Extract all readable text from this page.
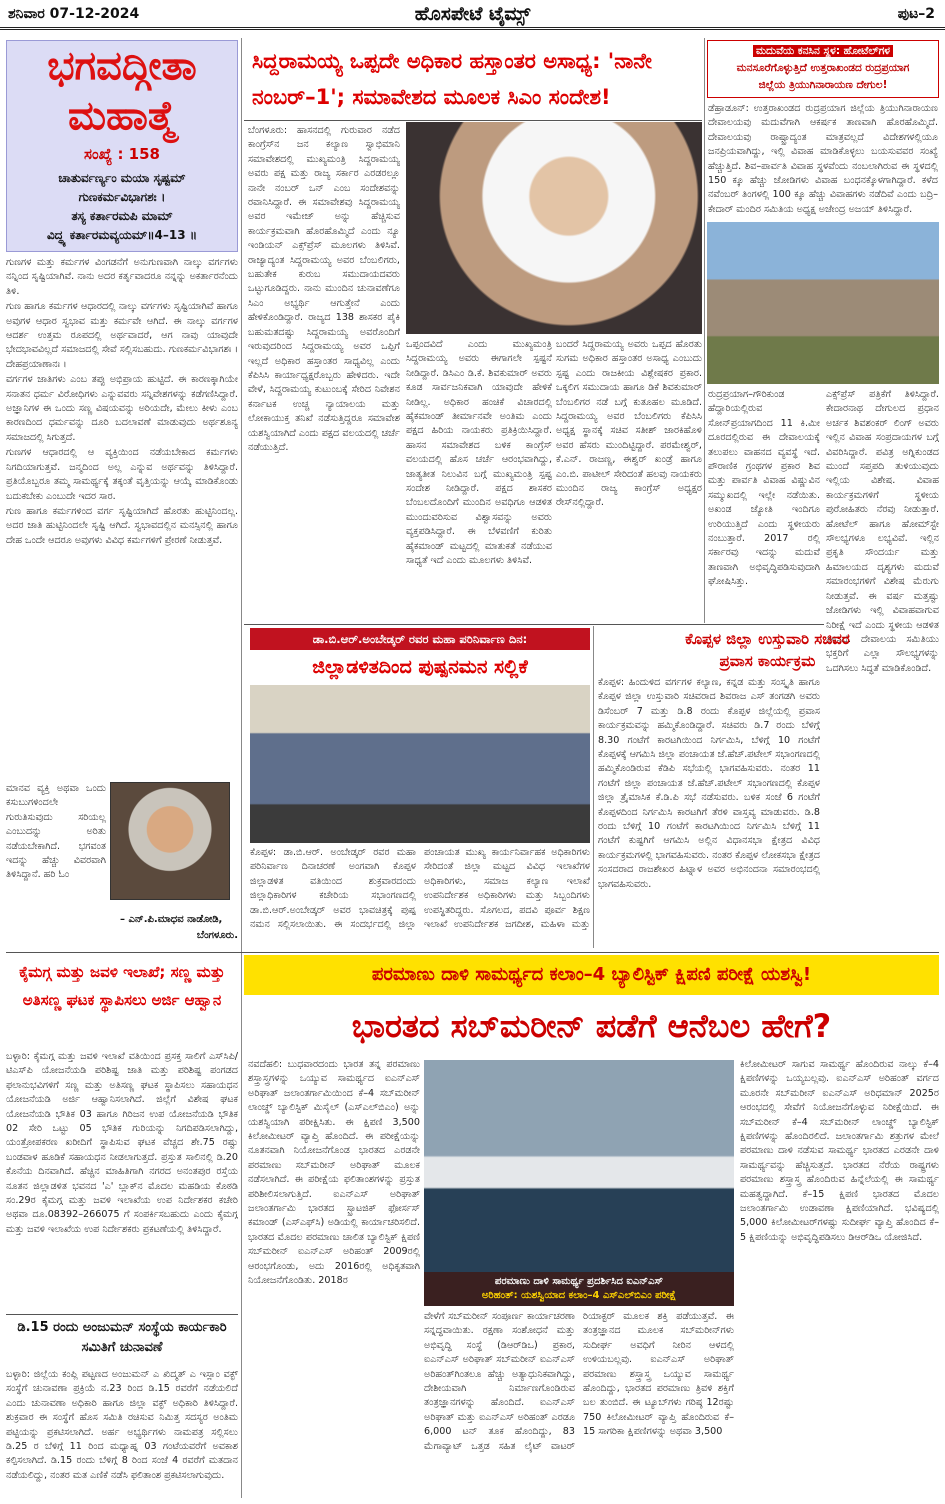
ಶನಿವಾರ 07-12-2024	ಹೊಸಪೇಟೆ ಟೈಮ್ಸ್	ಪುಟ–2
ಭಗವದ್ಗೀತಾ
ಮಹಾತ್ಮೆ
ಸಂಖ್ಯೆ : 158
ಚಾತುರ್ವರ್ಣ್ಯಂ ಮಯಾ ಸೃಷ್ಟಮ್
ಗುಣಕರ್ಮವಿಭಾಗಶಃ ।
ತಸ್ಯ ಕರ್ತಾರಮಪಿ ಮಾಮ್
ವಿದ್ಧ್ಯ ಕರ್ತಾರಮವ್ಯಯಮ್॥4–13 ॥

ಗುಣಗಳ ಮತ್ತು ಕರ್ಮಗಳ ವಿಂಗಡನೆಗೆ ಅನುಗುಣವಾಗಿ ನಾಲ್ಕು ವರ್ಗಗಳು ನನ್ನಿಂದ ಸೃಷ್ಟಿಯಾಗಿವೆ. ನಾನು ಅದರ ಕರ್ತೃವಾದರೂ ನನ್ನನ್ನು ಅಕರ್ತಾರನೆಂದು ತಿಳಿ.

ಗುಣ ಹಾಗೂ ಕರ್ಮಗಳ ಆಧಾರದಲ್ಲಿ ನಾಲ್ಕು ವರ್ಗಗಳು ಸೃಷ್ಟಿಯಾಗಿವೆ ಹಾಗೂ ಅವುಗಳ ಆಧಾರ ಸ್ವಭಾವ ಮತ್ತು ಕರ್ಮವೇ ಆಗಿದೆ. ಈ ನಾಲ್ಕು ವರ್ಗಗಳ ಆದರ್ಶ ಉತ್ತಮ ರೂಪದಲ್ಲಿ ಅರ್ಥವಾದರೆ, ಆಗ ನಾವು ಯಾವುದೇ ಭೇದಭಾವವಿಲ್ಲದೆ ಸಮಾಜದಲ್ಲಿ ಸೇವೆ ಸಲ್ಲಿಸಬಹುದು. ಗುಣಕರ್ಮವಿಭಾಗಶಃ । ದೇಹಪ್ರಯಾಣಾನಃ ।

ವರ್ಗಗಳ ಜಾತಿಗಳು ಎಂಬ ತಪ್ಪು ಅಭಿಪ್ರಾಯ ಹುಟ್ಟಿದೆ. ಈ ಕಾರಣಕ್ಕಾಗಿಯೇ ಸನಾತನ ಧರ್ಮ ವಿರೋಧಿಗಳು ಎನ್ನುವವರು ಸನ್ನಿವೇಶಗಳನ್ನು ಕಡೆಗಣಿಸಿದ್ದಾರೆ. ಅಜ್ಞಾನಿಗಳ ಈ ಒಂದು ಸಣ್ಣ ವಿಷಯವನ್ನು ಅರಿಯದೇ, ಮೇಲು ಕೀಳು ಎಂಬ ಕಾರಣದಿಂದ ಧರ್ಮವನ್ನು ದೂರಿ ಬದಲಾವಣೆ ಮಾಡುವುದು ಅರ್ಥಶೂನ್ಯ ಸಮಾಜದಲ್ಲಿ ಸಿಗುತ್ತದೆ.

ಗುಣಗಳ ಆಧಾರದಲ್ಲಿ ಆ ವ್ಯಕ್ತಿಯಿಂದ ನಡೆಯಬೇಕಾದ ಕರ್ಮಗಳು ನಿಗದಿಯಾಗುತ್ತವೆ. ಜನ್ಮದಿಂದ ಅಲ್ಲ ಎನ್ನುವ ಅರ್ಥವನ್ನು ತಿಳಿಸಿದ್ದಾರೆ. ಪ್ರತಿಯೊಬ್ಬರೂ ತಮ್ಮ ಸಾಮರ್ಥ್ಯಕ್ಕೆ ತಕ್ಕಂತೆ ವೃತ್ತಿಯನ್ನು ಆಯ್ಕೆ ಮಾಡಿಕೊಂಡು ಬದುಕಬೇಕು ಎಂಬುದೇ ಇದರ ಸಾರ.

ಗುಣ ಹಾಗೂ ಕರ್ಮಗಳಿಂದ ವರ್ಗ ಸೃಷ್ಟಿಯಾಗಿದೆ ಹೊರತು ಹುಟ್ಟಿನಿಂದಲ್ಲ. ಅದರ ಜಾತಿ ಹುಟ್ಟಿನಿಂದಲೇ ಸೃಷ್ಟಿ ಆಗಿದೆ. ಸ್ವಭಾವದಲ್ಲಿನ ಮನಸ್ಸಿನಲ್ಲಿ ಹಾಗೂ ದೇಹ ಒಂದೇ ಆದರೂ ಅವುಗಳು ವಿವಿಧ ಕರ್ಮಗಳಿಗೆ ಪ್ರೇರಣೆ ನೀಡುತ್ತವೆ.

ಮಾನವ ವ್ಯಕ್ತಿ ಅಥವಾ ಒಂದು ಕಸುಬುಗಳಿಂದಲೇ ಗುರುತಿಸುವುದು ಸರಿಯಲ್ಲ ಎಂಬುದನ್ನು ಅರಿತು ನಡೆಯಬೇಕಾಗಿದೆ. ಭಗವಂತ ಇದನ್ನು ಹೆಚ್ಚು ವಿವರವಾಗಿ ತಿಳಿಸಿದ್ದಾನೆ. ಹರಿ ಓಂ

– ಎನ್.ಪಿ.ಮಾಧವ ನಾಡೋಡಿ,
ಬೆಂಗಳೂರು.
ಸಿದ್ದರಾಮಯ್ಯ ಒಪ್ಪದೇ ಅಧಿಕಾರ ಹಸ್ತಾಂತರ ಅಸಾಧ್ಯ: 'ನಾನೇ ನಂಬರ್–1'; ಸಮಾವೇಶದ ಮೂಲಕ ಸಿಎಂ ಸಂದೇಶ!
ಬೆಂಗಳೂರು: ಹಾಸನದಲ್ಲಿ ಗುರುವಾರ ನಡೆದ ಕಾಂಗ್ರೆಸ್‌ನ ಜನ ಕಲ್ಯಾಣ ಸ್ವಾಭಿಮಾನಿ ಸಮಾವೇಶದಲ್ಲಿ ಮುಖ್ಯಮಂತ್ರಿ ಸಿದ್ದರಾಮಯ್ಯ ಅವರು ಪಕ್ಷ ಮತ್ತು ರಾಜ್ಯ ಸರ್ಕಾರ ಎರಡರಲ್ಲೂ ನಾನೇ ನಂಬರ್ ಒನ್ ಎಂಬ ಸಂದೇಶವನ್ನು ರವಾನಿಸಿದ್ದಾರೆ. ಈ ಸಮಾವೇಶವು ಸಿದ್ದರಾಮಯ್ಯ ಅವರ ಇಮೇಜ್ ಅನ್ನು ಹೆಚ್ಚಿಸುವ ಕಾರ್ಯಕ್ರಮವಾಗಿ ಹೊರಹೊಮ್ಮಿದೆ ಎಂದು ನ್ಯೂ ಇಂಡಿಯನ್ ಎಕ್ಸ್‌ಪ್ರೆಸ್ ಮೂಲಗಳು ತಿಳಿಸಿವೆ. ರಾಜ್ಯಾದ್ಯಂತ ಸಿದ್ದರಾಮಯ್ಯ ಅವರ ಬೆಂಬಲಿಗರು, ಬಹುತೇಕ ಕುರುಬ ಸಮುದಾಯದವರು ಒಟ್ಟುಗೂಡಿದ್ದರು. ನಾನು ಮುಂದಿನ ಚುನಾವಣೆಗೂ ಸಿಎಂ ಅಭ್ಯರ್ಥಿ ಆಗುತ್ತೇನೆ ಎಂದು ಹೇಳಿಕೊಂಡಿದ್ದಾರೆ. ರಾಜ್ಯದ 138 ಶಾಸಕರ ಪೈಕಿ ಬಹುಮತದಷ್ಟು ಸಿದ್ದರಾಮಯ್ಯ ಅವರೊಂದಿಗೆ ಇರುವುದರಿಂದ ಸಿದ್ದರಾಮಯ್ಯ ಅವರ ಒಪ್ಪಿಗೆ ಇಲ್ಲದೆ ಅಧಿಕಾರ ಹಸ್ತಾಂತರ ಸಾಧ್ಯವಿಲ್ಲ ಎಂದು ಕೆಪಿಸಿಸಿ ಕಾರ್ಯಾಧ್ಯಕ್ಷರೊಬ್ಬರು ಹೇಳಿದರು. ಇದೇ ವೇಳೆ, ಸಿದ್ದರಾಮಯ್ಯ ಕುಟುಂಬಕ್ಕೆ ಸೇರಿದ ನಿವೇಶನ ಕರ್ನಾಟಕ ಉಚ್ಚ ನ್ಯಾಯಾಲಯ ಮತ್ತು ಲೋಕಾಯುಕ್ತ ತನಿಖೆ ನಡೆಸುತ್ತಿದ್ದರೂ ಸಮಾವೇಶ ಯಶಸ್ವಿಯಾಗಿದೆ ಎಂದು ಪಕ್ಷದ ವಲಯದಲ್ಲಿ ಚರ್ಚೆ ನಡೆಯುತ್ತಿದೆ.
ಒಪ್ಪಂದವಿದೆ ಎಂದು ಮುಖ್ಯಮಂತ್ರಿ ಸಿದ್ದರಾಮಯ್ಯ ಅವರು ಈಗಾಗಲೇ ಸ್ಪಷ್ಟನೆ ನೀಡಿದ್ದಾರೆ. ಡಿಸಿಎಂ ಡಿ.ಕೆ. ಶಿವಕುಮಾರ್ ಅವರು ಕೂಡ ಸಾರ್ವಜನಿಕವಾಗಿ ಯಾವುದೇ ಹೇಳಿಕೆ ನೀಡಿಲ್ಲ. ಅಧಿಕಾರ ಹಂಚಿಕೆ ವಿಚಾರದಲ್ಲಿ ಹೈಕಮಾಂಡ್ ತೀರ್ಮಾನವೇ ಅಂತಿಮ ಎಂದು ಪಕ್ಷದ ಹಿರಿಯ ನಾಯಕರು ಪ್ರತಿಕ್ರಿಯಿಸಿದ್ದಾರೆ. ಹಾಸನ ಸಮಾವೇಶದ ಬಳಿಕ ಕಾಂಗ್ರೆಸ್ ವಲಯದಲ್ಲಿ ಹೊಸ ಚರ್ಚೆ ಆರಂಭವಾಗಿದ್ದು, ಜಾತ್ಯತೀತ ನಿಲುವಿನ ಬಗ್ಗೆ ಮುಖ್ಯಮಂತ್ರಿ ಸ್ಪಷ್ಟ ಸಂದೇಶ ನೀಡಿದ್ದಾರೆ. ಪಕ್ಷದ ಶಾಸಕರ ಬೆಂಬಲದೊಂದಿಗೆ ಮುಂದಿನ ಅವಧಿಗೂ ಆಡಳಿತ ಮುಂದುವರಿಸುವ ವಿಶ್ವಾಸವನ್ನು ಅವರು ವ್ಯಕ್ತಪಡಿಸಿದ್ದಾರೆ. ಈ ಬೆಳವಣಿಗೆ ಕುರಿತು ಹೈಕಮಾಂಡ್ ಮಟ್ಟದಲ್ಲಿ ಮಾತುಕತೆ ನಡೆಯುವ ಸಾಧ್ಯತೆ ಇದೆ ಎಂದು ಮೂಲಗಳು ತಿಳಿಸಿವೆ.
ಬಂದರೆ ಸಿದ್ದರಾಮಯ್ಯ ಅವರು ಒಪ್ಪದ ಹೊರತು ಸುಗಮ ಅಧಿಕಾರ ಹಸ್ತಾಂತರ ಅಸಾಧ್ಯ ಎಂಬುದು ಸ್ಪಷ್ಟ ಎಂದು ರಾಜಕೀಯ ವಿಶ್ಲೇಷಕರ ಪ್ರಕಾರ. ಒಕ್ಕಲಿಗ ಸಮುದಾಯ ಹಾಗೂ ಡಿಕೆ ಶಿವಕುಮಾರ್ ಬೆಂಬಲಿಗರ ನಡೆ ಬಗ್ಗೆ ಕುತೂಹಲ ಮೂಡಿದೆ. ಸಿದ್ದರಾಮಯ್ಯ ಅವರ ಬೆಂಬಲಿಗರು ಕೆಪಿಸಿಸಿ ಅಧ್ಯಕ್ಷ ಸ್ಥಾನಕ್ಕೆ ಸಚಿವ ಸತೀಶ್ ಜಾರಕಿಹೊಳಿ ಅವರ ಹೆಸರು ಮುಂದಿಟ್ಟಿದ್ದಾರೆ. ಪರಮೇಶ್ವರ್, ಕೆ.ಎನ್. ರಾಜಣ್ಣ, ಈಶ್ವರ್ ಖಂಡ್ರೆ ಹಾಗೂ ಎಂ.ಬಿ. ಪಾಟೀಲ್ ಸೇರಿದಂತೆ ಹಲವು ನಾಯಕರು ಮುಂದಿನ ರಾಜ್ಯ ಕಾಂಗ್ರೆಸ್ ಅಧ್ಯಕ್ಷರ ರೇಸ್‌ನಲ್ಲಿದ್ದಾರೆ.
ಮದುವೆಯ ಕನಸಿನ ಸ್ಥಳ: ಹೋಟೆಲ್‌ಗಳ
ಮನಸೂರೆಗೊಳ್ಳುತ್ತಿದೆ ಉತ್ತರಾಖಂಡದ ರುದ್ರಪ್ರಯಾಗ
ಜಿಲ್ಲೆಯ ತ್ರಿಯುಗಿನಾರಾಯಣ ದೇಗುಲ!
ಡೆಹ್ರಾಡೂನ್: ಉತ್ತರಾಖಂಡದ ರುದ್ರಪ್ರಯಾಗ ಜಿಲ್ಲೆಯ ತ್ರಿಯುಗಿನಾರಾಯಣ ದೇವಾಲಯವು ಮದುವೆಗಾಗಿ ಆಕರ್ಷಕ ತಾಣವಾಗಿ ಹೊರಹೊಮ್ಮಿದೆ. ದೇವಾಲಯವು ರಾಷ್ಟ್ರಾದ್ಯಂತ ಮಾತ್ರವಲ್ಲದೆ ವಿದೇಶಗಳಲ್ಲಿಯೂ ಜನಪ್ರಿಯವಾಗಿದ್ದು, ಇಲ್ಲಿ ವಿವಾಹ ಮಾಡಿಕೊಳ್ಳಲು ಬಯಸುವವರ ಸಂಖ್ಯೆ ಹೆಚ್ಚುತ್ತಿದೆ. ಶಿವ–ಪಾರ್ವತಿ ವಿವಾಹ ಸ್ಥಳವೆಂದು ನಂಬಲಾಗಿರುವ ಈ ಸ್ಥಳದಲ್ಲಿ 150 ಕ್ಕೂ ಹೆಚ್ಚು ಜೋಡಿಗಳು ವಿವಾಹ ಬಂಧನಕ್ಕೊಳಗಾಗಿದ್ದಾರೆ. ಕಳೆದ ನವೆಂಬರ್ ತಿಂಗಳಲ್ಲಿ 100 ಕ್ಕೂ ಹೆಚ್ಚು ವಿವಾಹಗಳು ನಡೆದಿವೆ ಎಂದು ಬದ್ರಿ–ಕೇದಾರ್ ಮಂದಿರ ಸಮಿತಿಯ ಅಧ್ಯಕ್ಷ ಅಜೇಂದ್ರ ಅಜಯ್ ತಿಳಿಸಿದ್ದಾರೆ.
ರುದ್ರಪ್ರಯಾಗ–ಗೌರಿಕುಂಡ ಹೆದ್ದಾರಿಯಲ್ಲಿರುವ ಸೋನ್‌ಪ್ರಯಾಗದಿಂದ 11 ಕಿ.ಮೀ ದೂರದಲ್ಲಿರುವ ಈ ದೇವಾಲಯಕ್ಕೆ ತಲುಪಲು ವಾಹನದ ವ್ಯವಸ್ಥೆ ಇದೆ. ಪೌರಾಣಿಕ ಗ್ರಂಥಗಳ ಪ್ರಕಾರ ಶಿವ ಮತ್ತು ಪಾರ್ವತಿ ವಿವಾಹ ವಿಷ್ಣುವಿನ ಸಮ್ಮುಖದಲ್ಲಿ ಇಲ್ಲೇ ನಡೆಯಿತು. ಅಖಂಡ ಜ್ಯೋತಿ ಇಂದಿಗೂ ಉರಿಯುತ್ತಿದೆ ಎಂದು ಸ್ಥಳೀಯರು ನಂಬುತ್ತಾರೆ. 2017 ರಲ್ಲಿ ಸರ್ಕಾರವು ಇದನ್ನು ಮದುವೆ ತಾಣವಾಗಿ ಅಭಿವೃದ್ಧಿಪಡಿಸುವುದಾಗಿ ಘೋಷಿಸಿತ್ತು.
ಎಕ್ಸ್‌ಪ್ರೆಸ್ ಪತ್ರಿಕೆಗೆ ತಿಳಿಸಿದ್ದಾರೆ. ಕೇದಾರನಾಥ ದೇಗುಲದ ಪ್ರಧಾನ ಅರ್ಚಕ ಶಿವಶಂಕರ್ ಲಿಂಗ್ ಅವರು ಇಲ್ಲಿನ ವಿವಾಹ ಸಂಪ್ರದಾಯಗಳ ಬಗ್ಗೆ ವಿವರಿಸಿದ್ದಾರೆ. ಪವಿತ್ರ ಅಗ್ನಿಕುಂಡದ ಮುಂದೆ ಸಪ್ತಪದಿ ತುಳಿಯುವುದು ಇಲ್ಲಿಯ ವಿಶೇಷ. ವಿವಾಹ ಕಾರ್ಯಕ್ರಮಗಳಿಗೆ ಸ್ಥಳೀಯ ಪುರೋಹಿತರು ನೆರವು ನೀಡುತ್ತಾರೆ. ಹೋಟೆಲ್ ಹಾಗೂ ಹೋಮ್‌ಸ್ಟೇ ಸೌಲಭ್ಯಗಳೂ ಲಭ್ಯವಿವೆ. ಇಲ್ಲಿನ ಪ್ರಕೃತಿ ಸೌಂದರ್ಯ ಮತ್ತು ಹಿಮಾಲಯದ ದೃಶ್ಯಗಳು ಮದುವೆ ಸಮಾರಂಭಗಳಿಗೆ ವಿಶೇಷ ಮೆರುಗು ನೀಡುತ್ತವೆ. ಈ ವರ್ಷ ಮತ್ತಷ್ಟು ಜೋಡಿಗಳು ಇಲ್ಲಿ ವಿವಾಹವಾಗುವ ನಿರೀಕ್ಷೆ ಇದೆ ಎಂದು ಸ್ಥಳೀಯ ಆಡಳಿತ ತಿಳಿಸಿದೆ. ದೇವಾಲಯ ಸಮಿತಿಯು ಭಕ್ತರಿಗೆ ಎಲ್ಲಾ ಸೌಲಭ್ಯಗಳನ್ನು ಒದಗಿಸಲು ಸಿದ್ಧತೆ ಮಾಡಿಕೊಂಡಿದೆ.
ಡಾ.ಬಿ.ಆರ್.ಅಂಬೇಡ್ಕರ್ ರವರ ಮಹಾ ಪರಿನಿರ್ವಾಣ ದಿನ:
ಜಿಲ್ಲಾಡಳಿತದಿಂದ ಪುಷ್ಪನಮನ ಸಲ್ಲಿಕೆ
ಕೊಪ್ಪಳ: ಡಾ.ಬಿ.ಆರ್. ಅಂಬೇಡ್ಕರ್ ರವರ ಮಹಾ ಪರಿನಿರ್ವಾಣ ದಿನಾಚರಣೆ ಅಂಗವಾಗಿ ಕೊಪ್ಪಳ ಜಿಲ್ಲಾಡಳಿತ ವತಿಯಿಂದ ಶುಕ್ರವಾರದಂದು ಜಿಲ್ಲಾಧಿಕಾರಿಗಳ ಕಚೇರಿಯ ಸಭಾಂಗಣದಲ್ಲಿ ಡಾ.ಬಿ.ಆರ್.ಅಂಬೇಡ್ಕರ್ ಅವರ ಭಾವಚಿತ್ರಕ್ಕೆ ಪುಷ್ಪ ನಮನ ಸಲ್ಲಿಸಲಾಯಿತು. ಈ ಸಂದರ್ಭದಲ್ಲಿ ಜಿಲ್ಲಾ ಪಂಚಾಯತ ಮುಖ್ಯ ಕಾರ್ಯನಿರ್ವಾಹಕ ಅಧಿಕಾರಿಗಳು ಸೇರಿದಂತೆ ಜಿಲ್ಲಾ ಮಟ್ಟದ ವಿವಿಧ ಇಲಾಖೆಗಳ ಅಧಿಕಾರಿಗಳು, ಸಮಾಜ ಕಲ್ಯಾಣ ಇಲಾಖೆ ಉಪನಿರ್ದೇಶಕ ಅಧಿಕಾರಿಗಳು ಮತ್ತು ಸಿಬ್ಬಂದಿಗಳು ಉಪಸ್ಥಿತರಿದ್ದರು. ಸೊಗಲದ, ಪದವಿ ಪೂರ್ವ ಶಿಕ್ಷಣ ಇಲಾಖೆ ಉಪನಿರ್ದೇಶಕ ಜಗದೀಶ, ಮಹಿಳಾ ಮತ್ತು
ಕೊಪ್ಪಳ ಜಿಲ್ಲಾ ಉಸ್ತುವಾರಿ ಸಚಿವರ
ಪ್ರವಾಸ ಕಾರ್ಯಕ್ರಮ
ಕೊಪ್ಪಳ: ಹಿಂದುಳಿದ ವರ್ಗಗಳ ಕಲ್ಯಾಣ, ಕನ್ನಡ ಮತ್ತು ಸಂಸ್ಕೃತಿ ಹಾಗೂ ಕೊಪ್ಪಳ ಜಿಲ್ಲಾ ಉಸ್ತುವಾರಿ ಸಚಿವರಾದ ಶಿವರಾಜ ಎಸ್ ತಂಗಡಗಿ ಅವರು ಡಿಸೆಂಬರ್ 7 ಮತ್ತು ಡಿ.8 ರಂದು ಕೊಪ್ಪಳ ಜಿಲ್ಲೆಯಲ್ಲಿ ಪ್ರವಾಸ ಕಾರ್ಯಕ್ರಮವನ್ನು ಹಮ್ಮಿಕೊಂಡಿದ್ದಾರೆ. ಸಚಿವರು ಡಿ.7 ರಂದು ಬೆಳಿಗ್ಗೆ 8.30 ಗಂಟೆಗೆ ಕಾರಟಗಿಯಿಂದ ನಿರ್ಗಮಿಸಿ, ಬೆಳಿಗ್ಗೆ 10 ಗಂಟೆಗೆ ಕೊಪ್ಪಳಕ್ಕೆ ಆಗಮಿಸಿ ಜಿಲ್ಲಾ ಪಂಚಾಯತ ಜೆ.ಹೆಚ್.ಪಟೇಲ್ ಸಭಾಂಗಣದಲ್ಲಿ ಹಮ್ಮಿಕೊಂಡಿರುವ ಕೆಡಿಪಿ ಸಭೆಯಲ್ಲಿ ಭಾಗವಹಿಸುವರು. ನಂತರ 11 ಗಂಟೆಗೆ ಜಿಲ್ಲಾ ಪಂಚಾಯತ ಜೆ.ಹೆಚ್.ಪಟೇಲ್ ಸಭಾಂಗಣದಲ್ಲಿ ಕೊಪ್ಪಳ ಜಿಲ್ಲಾ ತ್ರೈಮಾಸಿಕ ಕೆ.ಡಿ.ಪಿ ಸಭೆ ನಡೆಸುವರು. ಬಳಿಕ ಸಂಜೆ 6 ಗಂಟೆಗೆ ಕೊಪ್ಪಳದಿಂದ ನಿರ್ಗಮಿಸಿ ಕಾರಟಗಿಗೆ ತೆರಳಿ ವಾಸ್ತವ್ಯ ಮಾಡುವರು. ಡಿ.8 ರಂದು ಬೆಳಿಗ್ಗೆ 10 ಗಂಟೆಗೆ ಕಾರಟಗಿಯಿಂದ ನಿರ್ಗಮಿಸಿ ಬೆಳಿಗ್ಗೆ 11 ಗಂಟೆಗೆ ಕುಷ್ಟಗಿಗೆ ಆಗಮಿಸಿ ಅಲ್ಲಿನ ವಿಧಾನಸಭಾ ಕ್ಷೇತ್ರದ ವಿವಿಧ ಕಾರ್ಯಕ್ರಮಗಳಲ್ಲಿ ಭಾಗವಹಿಸುವರು. ನಂತರ ಕೊಪ್ಪಳ ಲೋಕಸಭಾ ಕ್ಷೇತ್ರದ ಸಂಸದರಾದ ರಾಜಶೇಖರ ಹಿಟ್ನಾಳ ಅವರ ಅಭಿನಂದನಾ ಸಮಾರಂಭದಲ್ಲಿ ಭಾಗವಹಿಸುವರು.
ಕೈಮಗ್ಗ ಮತ್ತು ಜವಳಿ ಇಲಾಖೆ; ಸಣ್ಣ ಮತ್ತು ಅತಿಸಣ್ಣ ಘಟಕ ಸ್ಥಾಪಿಸಲು ಅರ್ಜಿ ಆಹ್ವಾನ
ಬಳ್ಳಾರಿ: ಕೈಮಗ್ಗ ಮತ್ತು ಜವಳಿ ಇಲಾಖೆ ವತಿಯಿಂದ ಪ್ರಸಕ್ತ ಸಾಲಿಗೆ ಎಸ್‌ಸಿಪಿ/ಟಿಎಸ್‌ಪಿ ಯೋಜನೆಯಡಿ ಪರಿಶಿಷ್ಟ ಜಾತಿ ಮತ್ತು ಪರಿಶಿಷ್ಟ ಪಂಗಡದ ಫಲಾನುಭವಿಗಳಿಗೆ ಸಣ್ಣ ಮತ್ತು ಅತಿಸಣ್ಣ ಘಟಕ ಸ್ಥಾಪಿಸಲು ಸಹಾಯಧನ ಯೋಜನೆಯಡಿ ಅರ್ಜಿ ಆಹ್ವಾನಿಸಲಾಗಿದೆ. ಜಿಲ್ಲೆಗೆ ವಿಶೇಷ ಘಟಕ ಯೋಜನೆಯಡಿ ಭೌತಿಕ 03 ಹಾಗೂ ಗಿರಿಜನ ಉಪ ಯೋಜನೆಯಡಿ ಭೌತಿಕ 02 ಸೇರಿ ಒಟ್ಟು 05 ಭೌತಿಕ ಗುರಿಯನ್ನು ನಿಗದಿಪಡಿಸಲಾಗಿದ್ದು, ಯಂತ್ರೋಪಕರಣ ಖರೀದಿಗೆ ಸ್ಥಾಪಿಸುವ ಘಟಕ ವೆಚ್ಚದ ಶೇ.75 ರಷ್ಟು ಬಂಡವಾಳ ಹೂಡಿಕೆ ಸಹಾಯಧನ ನೀಡಲಾಗುತ್ತದೆ. ಪ್ರಸ್ತುತ ಸಾಲಿನಲ್ಲಿ ಡಿ.20 ಕೊನೆಯ ದಿನವಾಗಿದೆ. ಹೆಚ್ಚಿನ ಮಾಹಿತಿಗಾಗಿ ನಗರದ ಅನಂತಪುರ ರಸ್ತೆಯ ನೂತನ ಜಿಲ್ಲಾಡಳಿತ ಭವನದ 'ಎ' ಬ್ಲಾಕ್‌ನ ಮೊದಲ ಮಹಡಿಯ ಕೊಠಡಿ ಸಂ.29ರ ಕೈಮಗ್ಗ ಮತ್ತು ಜವಳಿ ಇಲಾಖೆಯ ಉಪ ನಿರ್ದೇಶಕರ ಕಚೇರಿ ಅಥವಾ ದೂ.08392–266075 ಗೆ ಸಂಪರ್ಕಿಸಬಹುದು ಎಂದು ಕೈಮಗ್ಗ ಮತ್ತು ಜವಳಿ ಇಲಾಖೆಯ ಉಪ ನಿರ್ದೇಶಕರು ಪ್ರಕಟಣೆಯಲ್ಲಿ ತಿಳಿಸಿದ್ದಾರೆ.
ಡಿ.15 ರಂದು ಅಂಜುಮನ್ ಸಂಸ್ಥೆಯ ಕಾರ್ಯಕಾರಿ ಸಮಿತಿಗೆ ಚುನಾವಣೆ
ಬಳ್ಳಾರಿ: ಜಿಲ್ಲೆಯ ಕಂಪ್ಲಿ ಪಟ್ಟಣದ ಅಂಜುಮನ್ ಎ ಖಿದ್ಮತ್ ಎ ಇಸ್ಲಾಂ ವಕ್ಫ್ ಸಂಸ್ಥೆಗೆ ಚುನಾವಣಾ ಪ್ರಕ್ರಿಯೆ ನ.23 ರಿಂದ ಡಿ.15 ರವರೆಗೆ ನಡೆಯಲಿದೆ ಎಂದು ಚುನಾವಣಾ ಅಧಿಕಾರಿ ಹಾಗೂ ಜಿಲ್ಲಾ ವಕ್ಫ್ ಅಧಿಕಾರಿ ತಿಳಿಸಿದ್ದಾರೆ. ಶುಕ್ರವಾರ ಈ ಸಂಸ್ಥೆಗೆ ಹೊಸ ಸಮಿತಿ ರಚಿಸುವ ನಿಮಿತ್ತ ಸದಸ್ಯರ ಅಂತಿಮ ಪಟ್ಟಿಯನ್ನು ಪ್ರಕಟಿಸಲಾಗಿದೆ. ಅರ್ಹ ಅಭ್ಯರ್ಥಿಗಳು ನಾಮಪತ್ರ ಸಲ್ಲಿಸಲು ಡಿ.25 ರ ಬೆಳಿಗ್ಗೆ 11 ರಿಂದ ಮಧ್ಯಾಹ್ನ 03 ಗಂಟೆಯವರೆಗೆ ಅವಕಾಶ ಕಲ್ಪಿಸಲಾಗಿದೆ. ಡಿ.15 ರಂದು ಬೆಳಿಗ್ಗೆ 8 ರಿಂದ ಸಂಜೆ 4 ರವರೆಗೆ ಮತದಾನ ನಡೆಯಲಿದ್ದು, ನಂತರ ಮತ ಎಣಿಕೆ ನಡೆಸಿ ಫಲಿತಾಂಶ ಪ್ರಕಟಿಸಲಾಗುವುದು.
ಪರಮಾಣು ದಾಳಿ ಸಾಮರ್ಥ್ಯದ ಕಲಾಂ–4 ಬ್ಯಾಲಿಸ್ಟಿಕ್ ಕ್ಷಿಪಣಿ ಪರೀಕ್ಷೆ ಯಶಸ್ವಿ!
ಭಾರತದ ಸಬ್‌ಮರೀನ್ ಪಡೆಗೆ ಆನೆಬಲ ಹೇಗೆ?
ನವದೆಹಲಿ: ಬುಧವಾರದಂದು ಭಾರತ ತನ್ನ ಪರಮಾಣು ಶಸ್ತ್ರಾಸ್ತ್ರಗಳನ್ನು ಒಯ್ಯುವ ಸಾಮರ್ಥ್ಯದ ಐಎನ್‌ಎಸ್ ಅರಿಘಾತ್ ಜಲಾಂತರ್ಗಾಮಿಯಿಂದ ಕೆ–4 ಸಬ್‌ಮರೀನ್ ಲಾಂಚ್ಡ್ ಬ್ಯಾಲಿಸ್ಟಿಕ್ ಮಿಸೈಲ್ (ಎಸ್‌ಎಲ್‌ಬಿಎಂ) ಅನ್ನು ಯಶಸ್ವಿಯಾಗಿ ಪರೀಕ್ಷಿಸಿತು. ಈ ಕ್ಷಿಪಣಿ 3,500 ಕಿಲೋಮೀಟರ್ ವ್ಯಾಪ್ತಿ ಹೊಂದಿದೆ. ಈ ಪರೀಕ್ಷೆಯನ್ನು ನೂತನವಾಗಿ ನಿಯೋಜನೆಗೊಂಡ ಭಾರತದ ಎರಡನೇ ಪರಮಾಣು ಸಬ್‌ಮರೀನ್ ಅರಿಘಾತ್ ಮೂಲಕ ನಡೆಸಲಾಗಿದೆ. ಈ ಪರೀಕ್ಷೆಯ ಫಲಿತಾಂಶಗಳನ್ನು ಪ್ರಸ್ತುತ ಪರಿಶೀಲಿಸಲಾಗುತ್ತಿದೆ. ಐಎನ್‌ಎಸ್ ಅರಿಘಾತ್ ಜಲಾಂತರ್ಗಾಮಿ ಭಾರತದ ಸ್ಟ್ರಾಟಜಿಕ್ ಫೋರ್ಸಸ್ ಕಮಾಂಡ್ (ಎಸ್‌ಎಫ್‌ಸಿ) ಅಡಿಯಲ್ಲಿ ಕಾರ್ಯಾಚರಿಸಲಿದೆ. ಭಾರತದ ಮೊದಲ ಪರಮಾಣು ಚಾಲಿತ ಬ್ಯಾಲಿಸ್ಟಿಕ್ ಕ್ಷಿಪಣಿ ಸಬ್‌ಮರೀನ್ ಐಎನ್‌ಎಸ್ ಅರಿಹಂತ್ 2009ರಲ್ಲಿ ಆರಂಭಗೊಂಡು, ಅದು 2016ರಲ್ಲಿ ಅಧಿಕೃತವಾಗಿ ನಿಯೋಜನೆಗೊಂಡಿತು. 2018ರ	ಪರಮಾಣು ದಾಳಿ ಸಾಮರ್ಥ್ಯ ಪ್ರದರ್ಶಿಸಿದ ಐಎನ್‌ಎಸ್
ಅರಿಹಂತ್: ಯಶಸ್ವಿಯಾದ ಕಲಾಂ–4 ಎಸ್‌ಎಲ್‌ಬಿಎಂ ಪರೀಕ್ಷೆ
ವೇಳೆಗೆ ಸಬ್‌ಮರೀನ್ ಸಂಪೂರ್ಣ ಕಾರ್ಯಾಚರಣಾ ಸನ್ನದ್ಧವಾಯಿತು. ರಕ್ಷಣಾ ಸಂಶೋಧನೆ ಮತ್ತು ಅಭಿವೃದ್ಧಿ ಸಂಸ್ಥೆ (ಡಿಆರ್‌ಡಿಒ) ಪ್ರಕಾರ, ಐಎನ್‌ಎಸ್ ಅರಿಘಾತ್ ಸಬ್‌ಮರೀನ್ ಐಎನ್‌ಎಸ್ ಅರಿಹಂತ್‌ಗಿಂತಲೂ ಹೆಚ್ಚು ಅತ್ಯಾಧುನಿಕವಾಗಿದ್ದು, ದೇಶೀಯವಾಗಿ ನಿರ್ಮಾಣಗೊಂಡಿರುವ ತಂತ್ರಜ್ಞಾನಗಳನ್ನು ಹೊಂದಿದೆ. ಐಎನ್‌ಎಸ್ ಅರಿಘಾತ್ ಮತ್ತು ಐಎನ್‌ಎಸ್ ಅರಿಹಂತ್ ಎರಡೂ 6,000 ಟನ್ ತೂಕ ಹೊಂದಿದ್ದು, 83 ಮೆಗಾವ್ಯಾಟ್ ಒತ್ತಡ ಸಹಿತ ಲೈಟ್ ವಾಟರ್ ರಿಯಾಕ್ಟರ್ ಮೂಲಕ ಶಕ್ತಿ ಪಡೆಯುತ್ತವೆ. ಈ ತಂತ್ರಜ್ಞಾನದ ಮೂಲಕ ಸಬ್‌ಮರೀನ್‌ಗಳು ಸುದೀರ್ಘ ಅವಧಿಗೆ ನೀರಿನ ಆಳದಲ್ಲಿ ಉಳಿಯಬಲ್ಲವು. ಐಎನ್‌ಎಸ್ ಅರಿಘಾತ್ ಪರಮಾಣು ಶಸ್ತ್ರಾಸ್ತ್ರ ಒಯ್ಯುವ ಸಾಮರ್ಥ್ಯ ಹೊಂದಿದ್ದು, ಭಾರತದ ಪರಮಾಣು ತ್ರಿವಳಿ ಶಕ್ತಿಗೆ ಬಲ ತುಂಬಿದೆ. ಈ ಟ್ಯೂಬ್‌ಗಳು ಗರಿಷ್ಠ 12ರಷ್ಟು 750 ಕಿಲೋಮೀಟರ್ ವ್ಯಾಪ್ತಿ ಹೊಂದಿರುವ ಕೆ–15 ಸಾಗರಿಕಾ ಕ್ಷಿಪಣಿಗಳನ್ನು ಅಥವಾ 3,500
ಕಿಲೋಮೀಟರ್ ಸಾಗುವ ಸಾಮರ್ಥ್ಯ ಹೊಂದಿರುವ ನಾಲ್ಕು ಕೆ–4 ಕ್ಷಿಪಣಿಗಳನ್ನು ಒಯ್ಯಬಲ್ಲವು. ಐಎನ್‌ಎಸ್ ಅರಿಹಂತ್ ವರ್ಗದ ಮೂರನೇ ಸಬ್‌ಮರೀನ್ ಐಎನ್‌ಎಸ್ ಅರಿಧಮಾನ್ 2025ರ ಆರಂಭದಲ್ಲಿ ಸೇವೆಗೆ ನಿಯೋಜನೆಗೊಳ್ಳುವ ನಿರೀಕ್ಷೆಯಿದೆ. ಈ ಸಬ್‌ಮರೀನ್ ಕೆ–4 ಸಬ್‌ಮರೀನ್ ಲಾಂಚ್ಡ್ ಬ್ಯಾಲಿಸ್ಟಿಕ್ ಕ್ಷಿಪಣಿಗಳನ್ನು ಹೊಂದಿರಲಿದೆ. ಜಲಾಂತರ್ಗಾಮಿ ಶತ್ರುಗಳ ಮೇಲೆ ಪರಮಾಣು ದಾಳಿ ನಡೆಸುವ ಸಾಮರ್ಥ್ಯ ಭಾರತದ ಎರಡನೇ ದಾಳಿ ಸಾಮರ್ಥ್ಯವನ್ನು ಹೆಚ್ಚಿಸುತ್ತದೆ. ಭಾರತದ ನೆರೆಯ ರಾಷ್ಟ್ರಗಳು ಪರಮಾಣು ಶಸ್ತ್ರಾಸ್ತ್ರ ಹೊಂದಿರುವ ಹಿನ್ನೆಲೆಯಲ್ಲಿ ಈ ಸಾಮರ್ಥ್ಯ ಮಹತ್ವದ್ದಾಗಿದೆ. ಕೆ–15 ಕ್ಷಿಪಣಿ ಭಾರತದ ಮೊದಲ ಜಲಾಂತರ್ಗಾಮಿ ಉಡಾವಣಾ ಕ್ಷಿಪಣಿಯಾಗಿದೆ. ಭವಿಷ್ಯದಲ್ಲಿ 5,000 ಕಿಲೋಮೀಟರ್‌ಗಳಷ್ಟು ಸುದೀರ್ಘ ವ್ಯಾಪ್ತಿ ಹೊಂದಿದ ಕೆ–5 ಕ್ಷಿಪಣಿಯನ್ನು ಅಭಿವೃದ್ಧಿಪಡಿಸಲು ಡಿಆರ್‌ಡಿಒ ಯೋಜಿಸಿದೆ.
